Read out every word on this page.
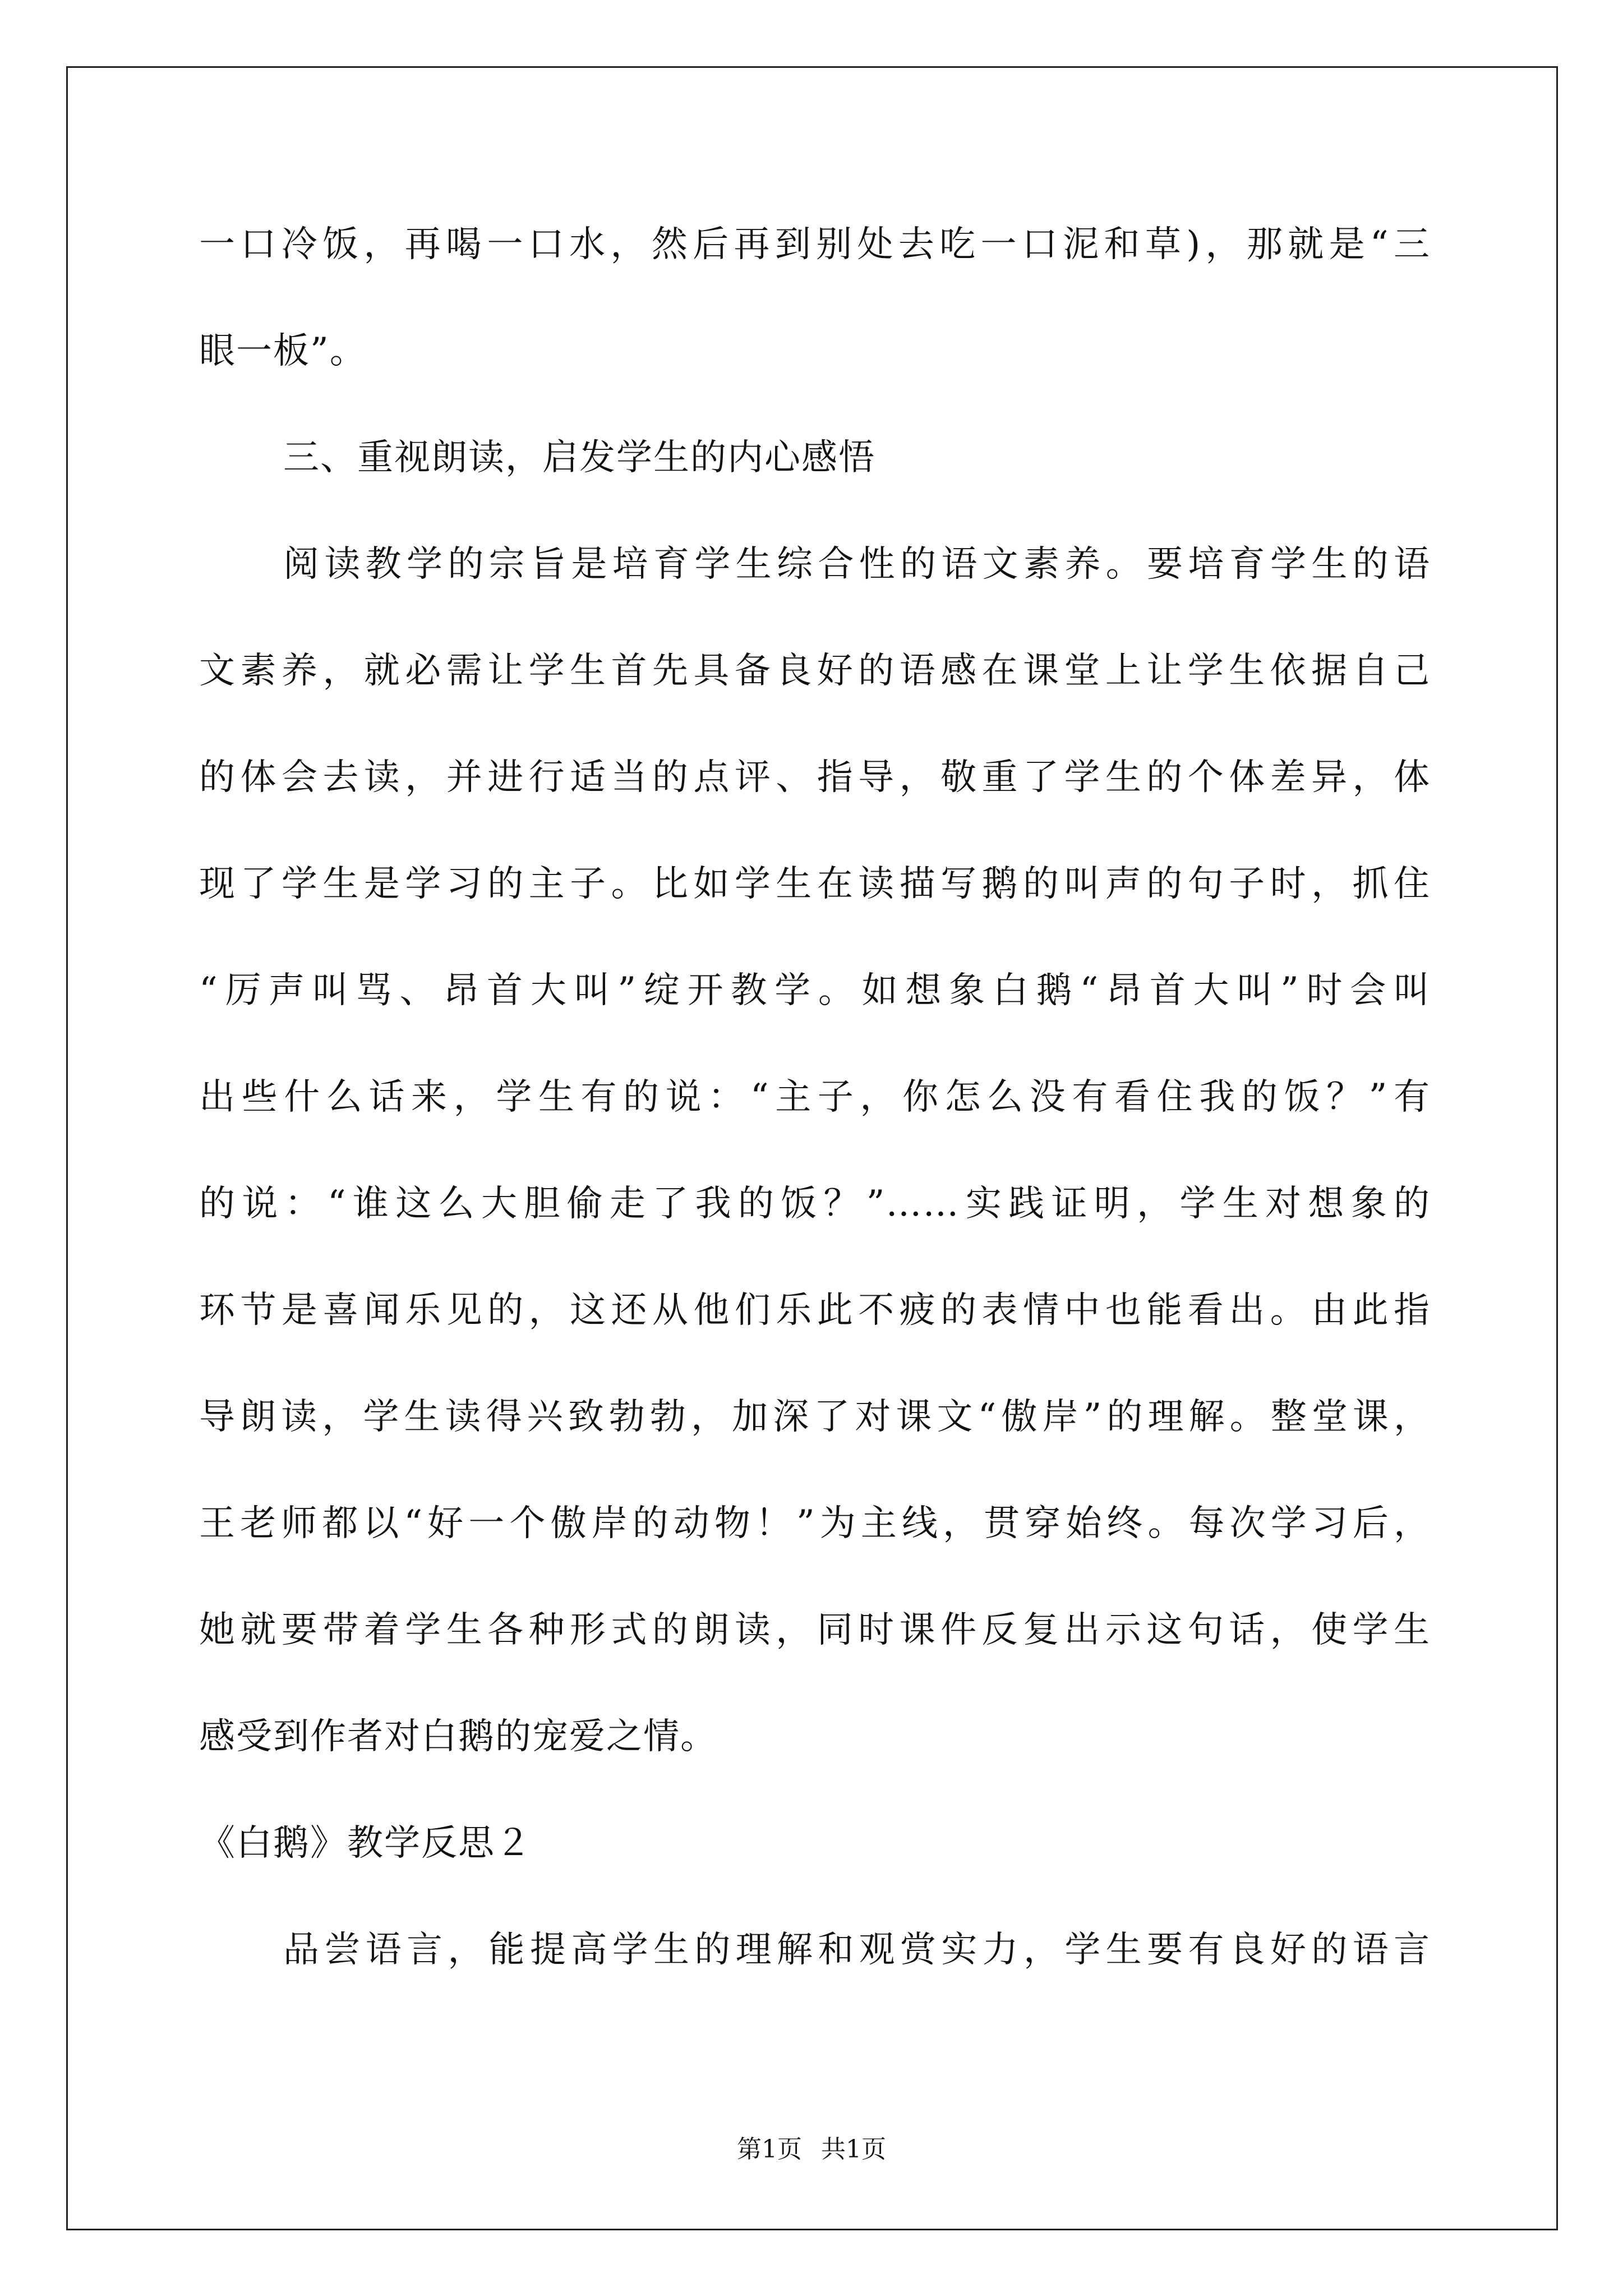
一口冷饭，再喝一口水，然后再到别处去吃一口泥和草)，那就是“三
眼一板”。
三、重视朗读，启发学生的内心感悟
阅读教学的宗旨是培育学生综合性的语文素养。要培育学生的语
文素养，就必需让学生首先具备良好的语感在课堂上让学生依据自己
的体会去读，并进行适当的点评、指导，敬重了学生的个体差异，体
现了学生是学习的主子。比如学生在读描写鹅的叫声的句子时，抓住
“厉声叫骂、昂首大叫”绽开教学。如想象白鹅“昂首大叫”时会叫
出些什么话来，学生有的说：“主子，你怎么没有看住我的饭？”有
的说：“谁这么大胆偷走了我的饭？”……实践证明，学生对想象的
环节是喜闻乐见的，这还从他们乐此不疲的表情中也能看出。由此指
导朗读，学生读得兴致勃勃，加深了对课文“傲岸”的理解。整堂课，
王老师都以“好一个傲岸的动物！”为主线，贯穿始终。每次学习后，
她就要带着学生各种形式的朗读，同时课件反复出示这句话，使学生
感受到作者对白鹅的宠爱之情。
《白鹅》教学反思２
品尝语言，能提高学生的理解和观赏实力，学生要有良好的语言
第1页 共1页
